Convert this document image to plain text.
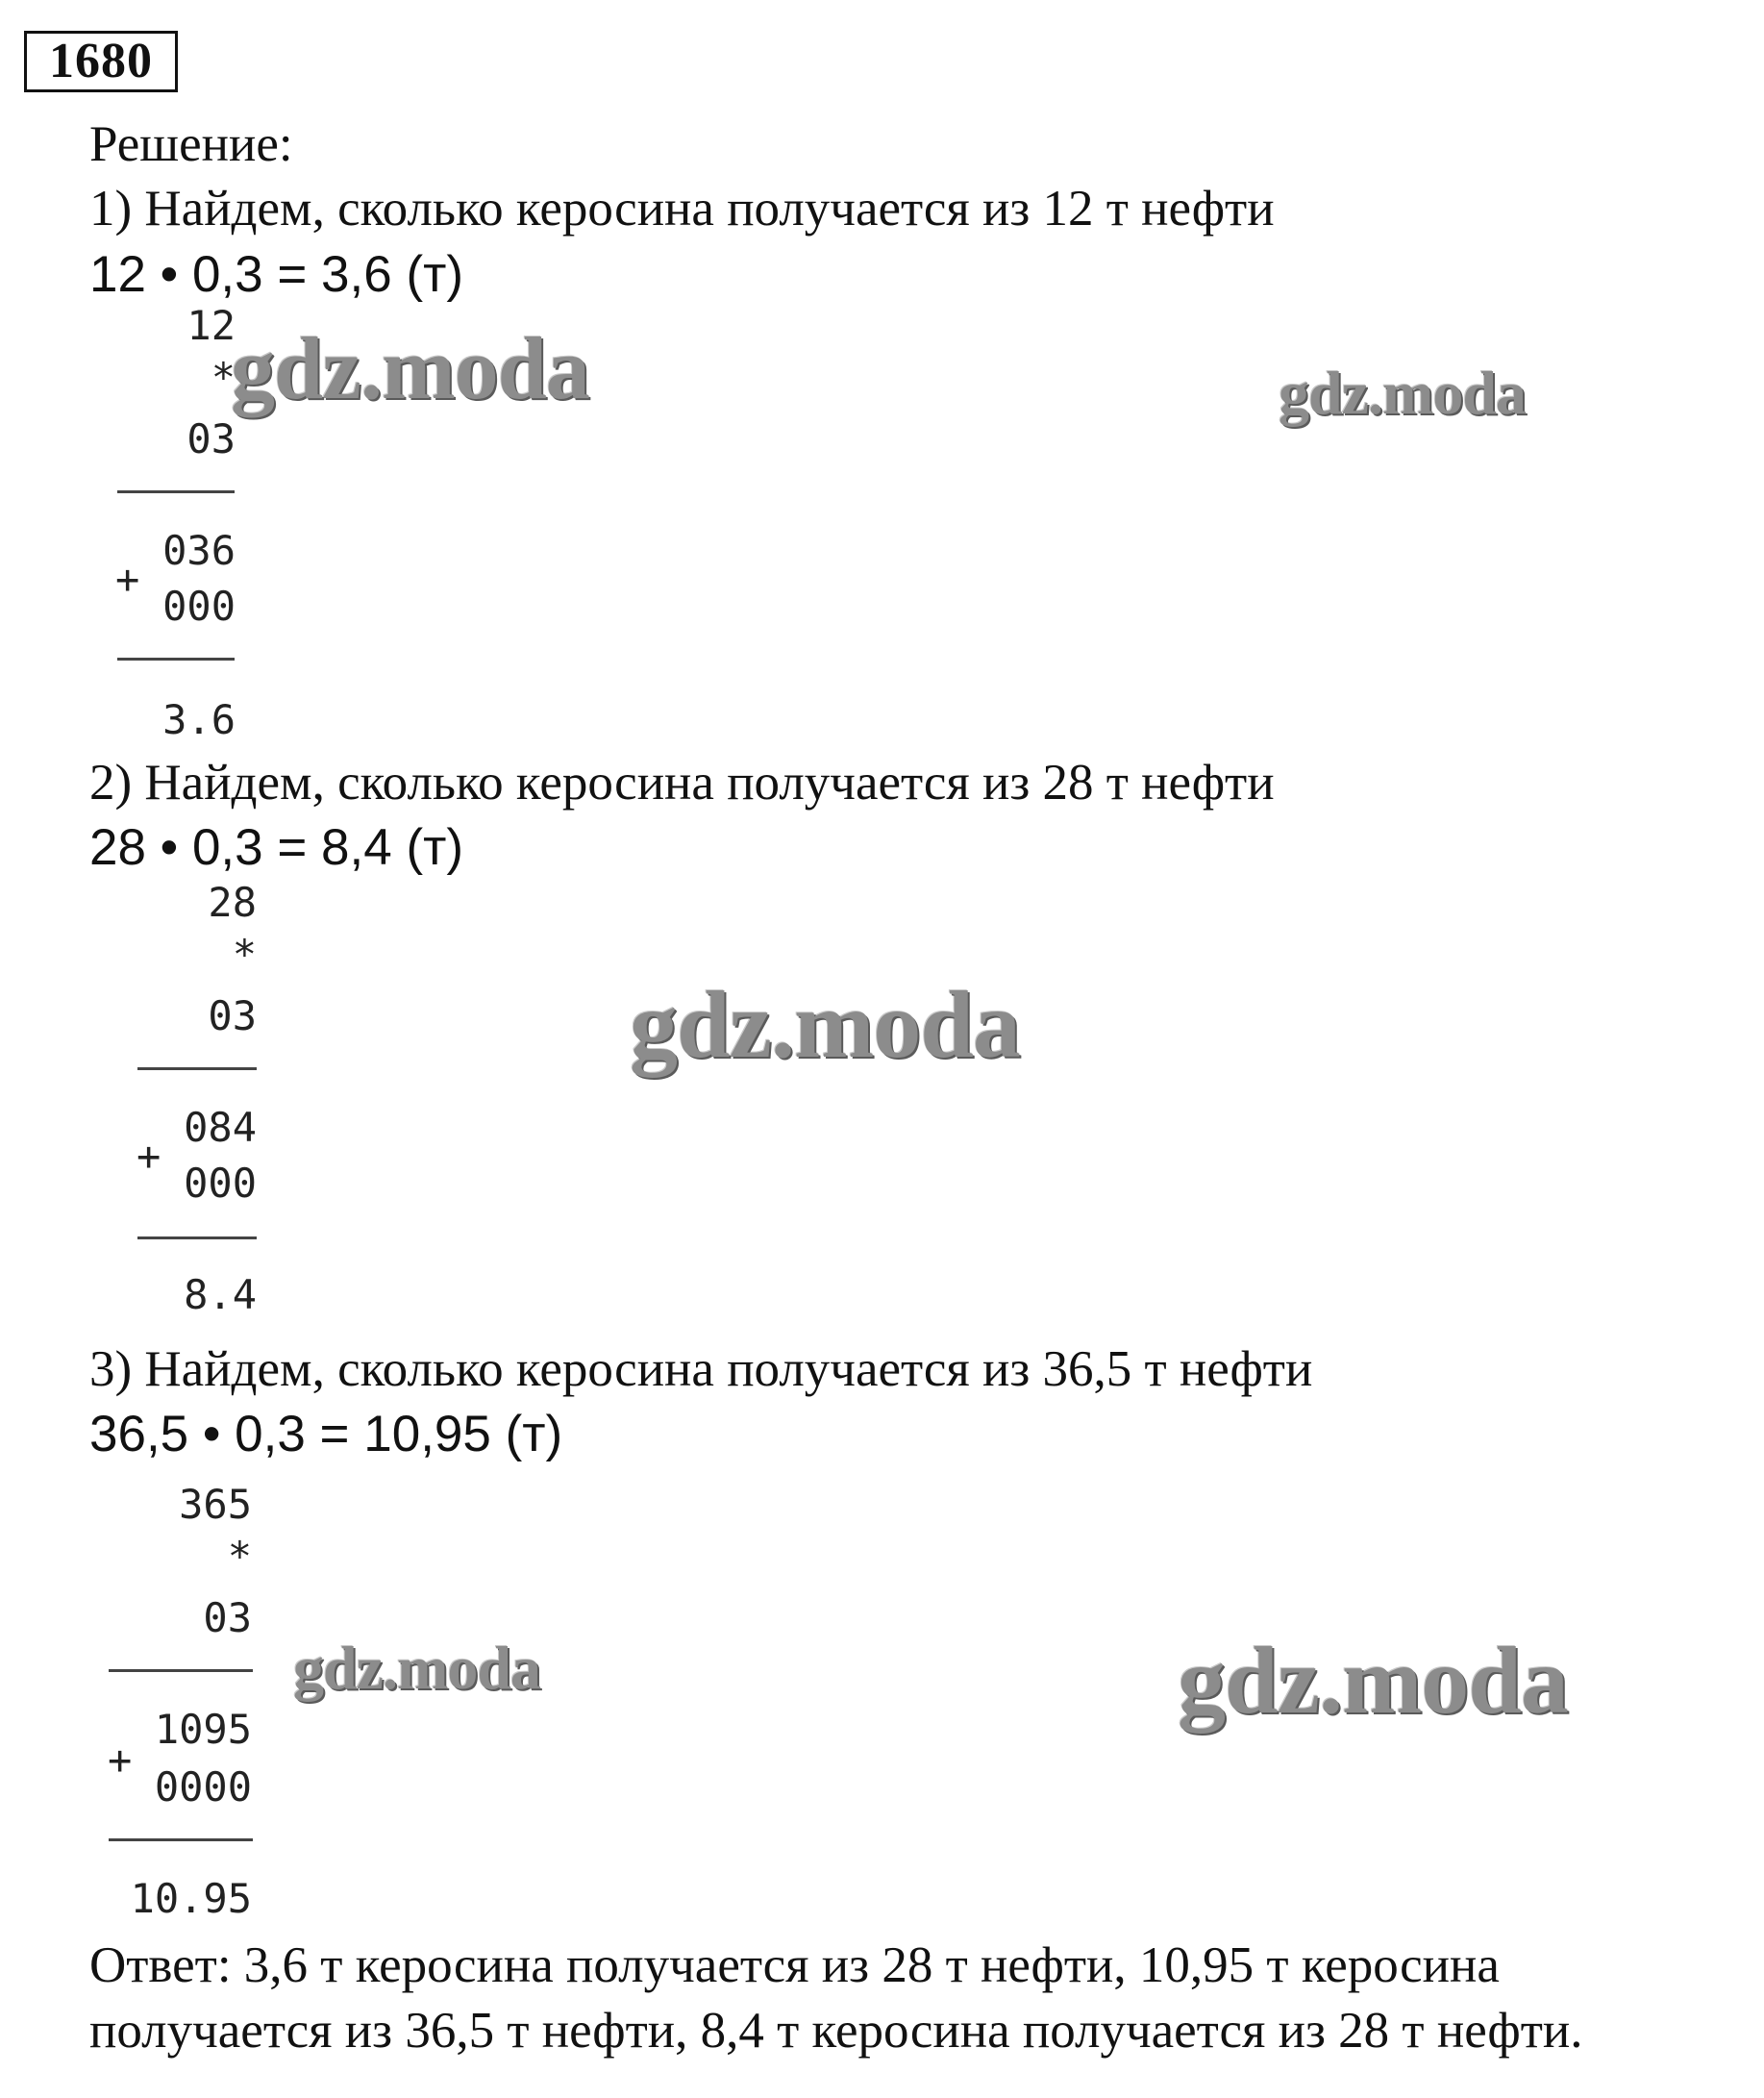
1680
Решение:
1) Найдем, сколько керосина получается из 12 т нефти
12 • 0,3 = 3,6 (т)
12
*
03
036
+
000
3.6
2) Найдем, сколько керосина получается из 28 т нефти
28 • 0,3 = 8,4 (т)
28
*
03
084
+
000
8.4
3) Найдем, сколько керосина получается из 36,5 т нефти
36,5 • 0,3 = 10,95 (т)
365
*
03
1095
+
0000
10.95
Ответ: 3,6 т керосина получается из 28 т нефти, 10,95 т керосина
получается из 36,5 т нефти, 8,4 т керосина получается из 28 т нефти.
gdz.moda	gdz.moda
gdz.moda
gdz.moda	gdz.moda
